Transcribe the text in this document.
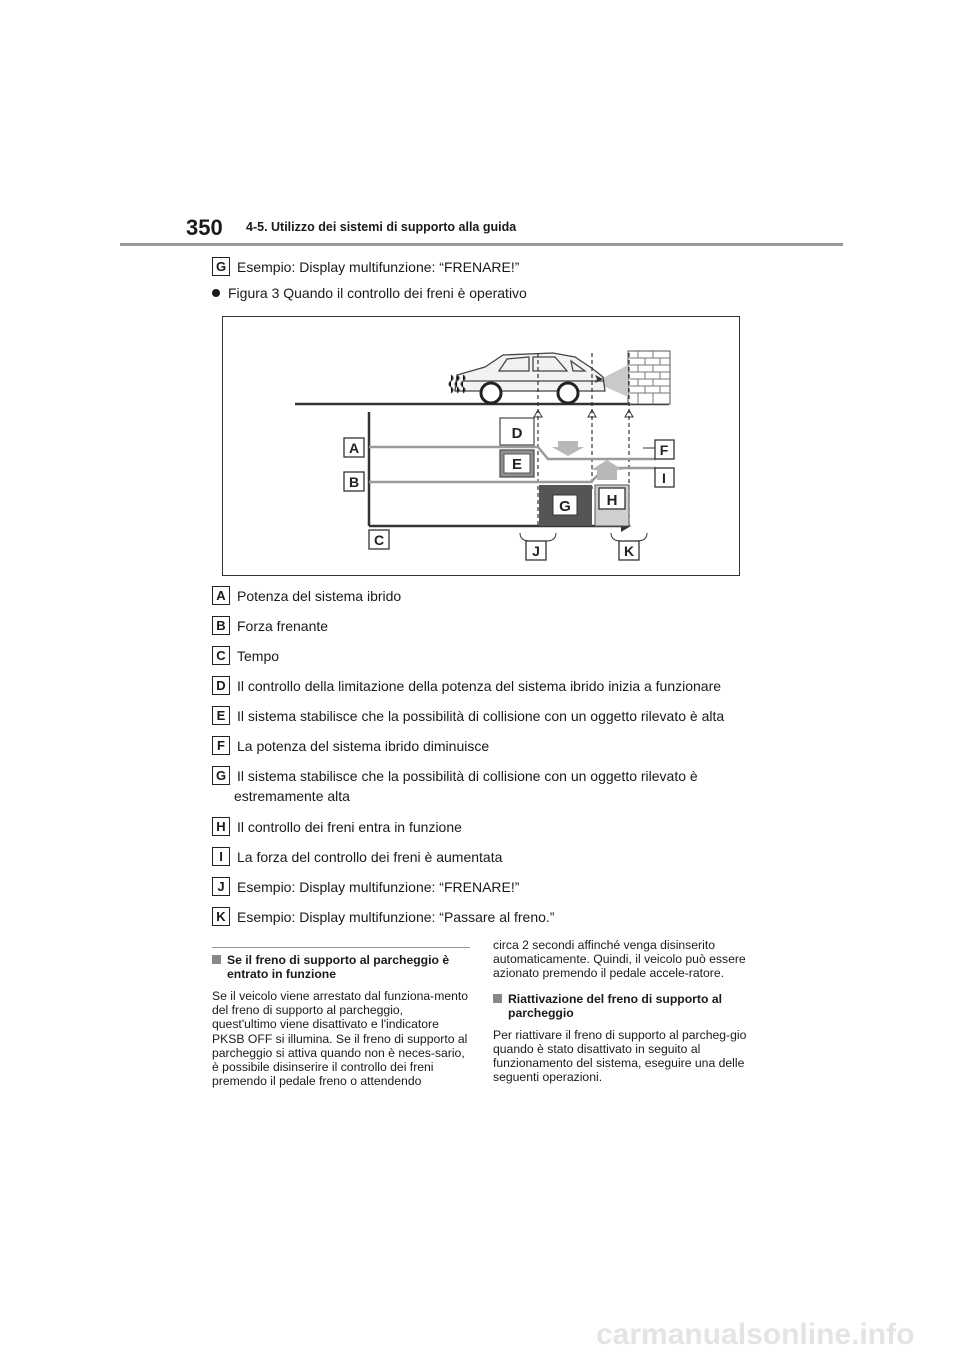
350 4-5. Utilizzo dei sistemi di supporto alla guida
G Esempio: Display multifunzione: “FRENARE!”
Figura 3 Quando il controllo dei freni è operativo
D
E
G H
A
B
C
F
I
J	K
A Potenza del sistema ibrido
B Forza frenante
C Tempo
D Il controllo della limitazione della potenza del sistema ibrido inizia a funzionare
E Il sistema stabilisce che la possibilità di collisione con un oggetto rilevato è alta
F La potenza del sistema ibrido diminuisce
G Il sistema stabilisce che la possibilità di collisione con un oggetto rilevato è
estremamente alta
H Il controllo dei freni entra in funzione
I	La forza del controllo dei freni è aumentata
J Esempio: Display multifunzione: “FRENARE!”
K Esempio: Display multifunzione: “Passare al freno.”
Se il freno di supporto al parcheggio è entrato in funzione

Se il veicolo viene arrestato dal funziona-mento del freno di supporto al parcheggio, quest'ultimo viene disattivato e l'indicatore PKSB OFF si illumina. Se il freno di supporto al parcheggio si attiva quando non è neces-sario, è possibile disinserire il controllo dei freni premendo il pedale freno o attendendo

circa 2 secondi affinché venga disinserito automaticamente. Quindi, il veicolo può essere azionato premendo il pedale accele-ratore.

Riattivazione del freno di supporto al parcheggio

Per riattivare il freno di supporto al parcheg-gio quando è stato disattivato in seguito al funzionamento del sistema, eseguire una delle seguenti operazioni.

carmanualsonline.info
